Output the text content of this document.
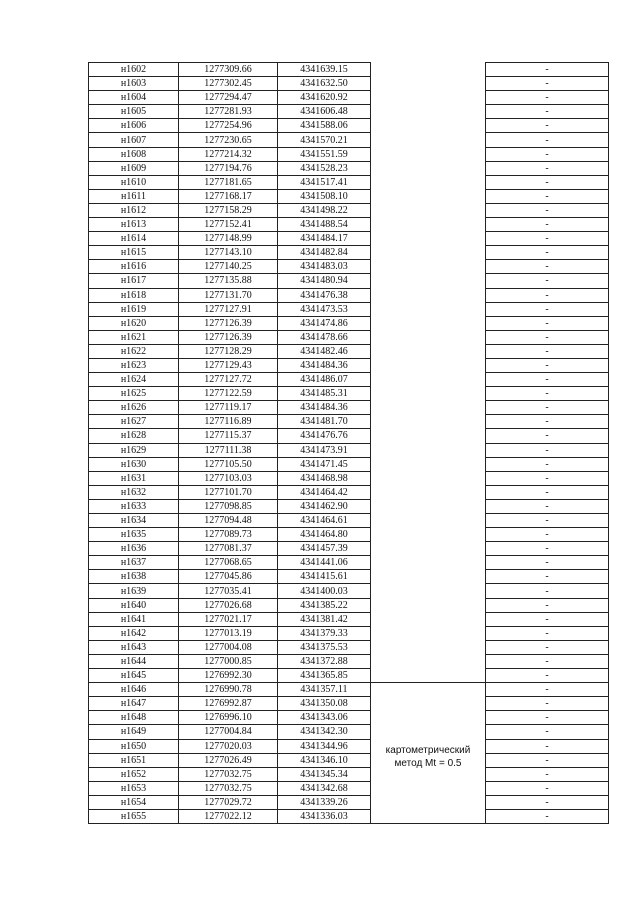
н1602	1277309.66	4341639.15		-
н1603	1277302.45	4341632.50		-
н1604	1277294.47	4341620.92		-
н1605	1277281.93	4341606.48		-
н1606	1277254.96	4341588.06		-
н1607	1277230.65	4341570.21		-
н1608	1277214.32	4341551.59		-
н1609	1277194.76	4341528.23		-
н1610	1277181.65	4341517.41		-
н1611	1277168.17	4341508.10		-
н1612	1277158.29	4341498.22		-
н1613	1277152.41	4341488.54		-
н1614	1277148.99	4341484.17		-
н1615	1277143.10	4341482.84		-
н1616	1277140.25	4341483.03		-
н1617	1277135.88	4341480.94		-
н1618	1277131.70	4341476.38		-
н1619	1277127.91	4341473.53		-
н1620	1277126.39	4341474.86		-
н1621	1277126.39	4341478.66		-
н1622	1277128.29	4341482.46		-
н1623	1277129.43	4341484.36		-
н1624	1277127.72	4341486.07		-
н1625	1277122.59	4341485.31		-
н1626	1277119.17	4341484.36		-
н1627	1277116.89	4341481.70		-
н1628	1277115.37	4341476.76		-
н1629	1277111.38	4341473.91		-
н1630	1277105.50	4341471.45		-
н1631	1277103.03	4341468.98		-
н1632	1277101.70	4341464.42		-
н1633	1277098.85	4341462.90		-
н1634	1277094.48	4341464.61		-
н1635	1277089.73	4341464.80		-
н1636	1277081.37	4341457.39		-
н1637	1277068.65	4341441.06		-
н1638	1277045.86	4341415.61		-
н1639	1277035.41	4341400.03		-
н1640	1277026.68	4341385.22		-
н1641	1277021.17	4341381.42		-
н1642	1277013.19	4341379.33		-
н1643	1277004.08	4341375.53		-
н1644	1277000.85	4341372.88		-
н1645	1276992.30	4341365.85		-
н1646	1276990.78	4341357.11	картометрический метод Mt = 0.5	-
н1647	1276992.87	4341350.08		-
н1648	1276996.10	4341343.06		-
н1649	1277004.84	4341342.30		-
н1650	1277020.03	4341344.96		-
н1651	1277026.49	4341346.10		-
н1652	1277032.75	4341345.34		-
н1653	1277032.75	4341342.68		-
н1654	1277029.72	4341339.26		-
н1655	1277022.12	4341336.03		-
